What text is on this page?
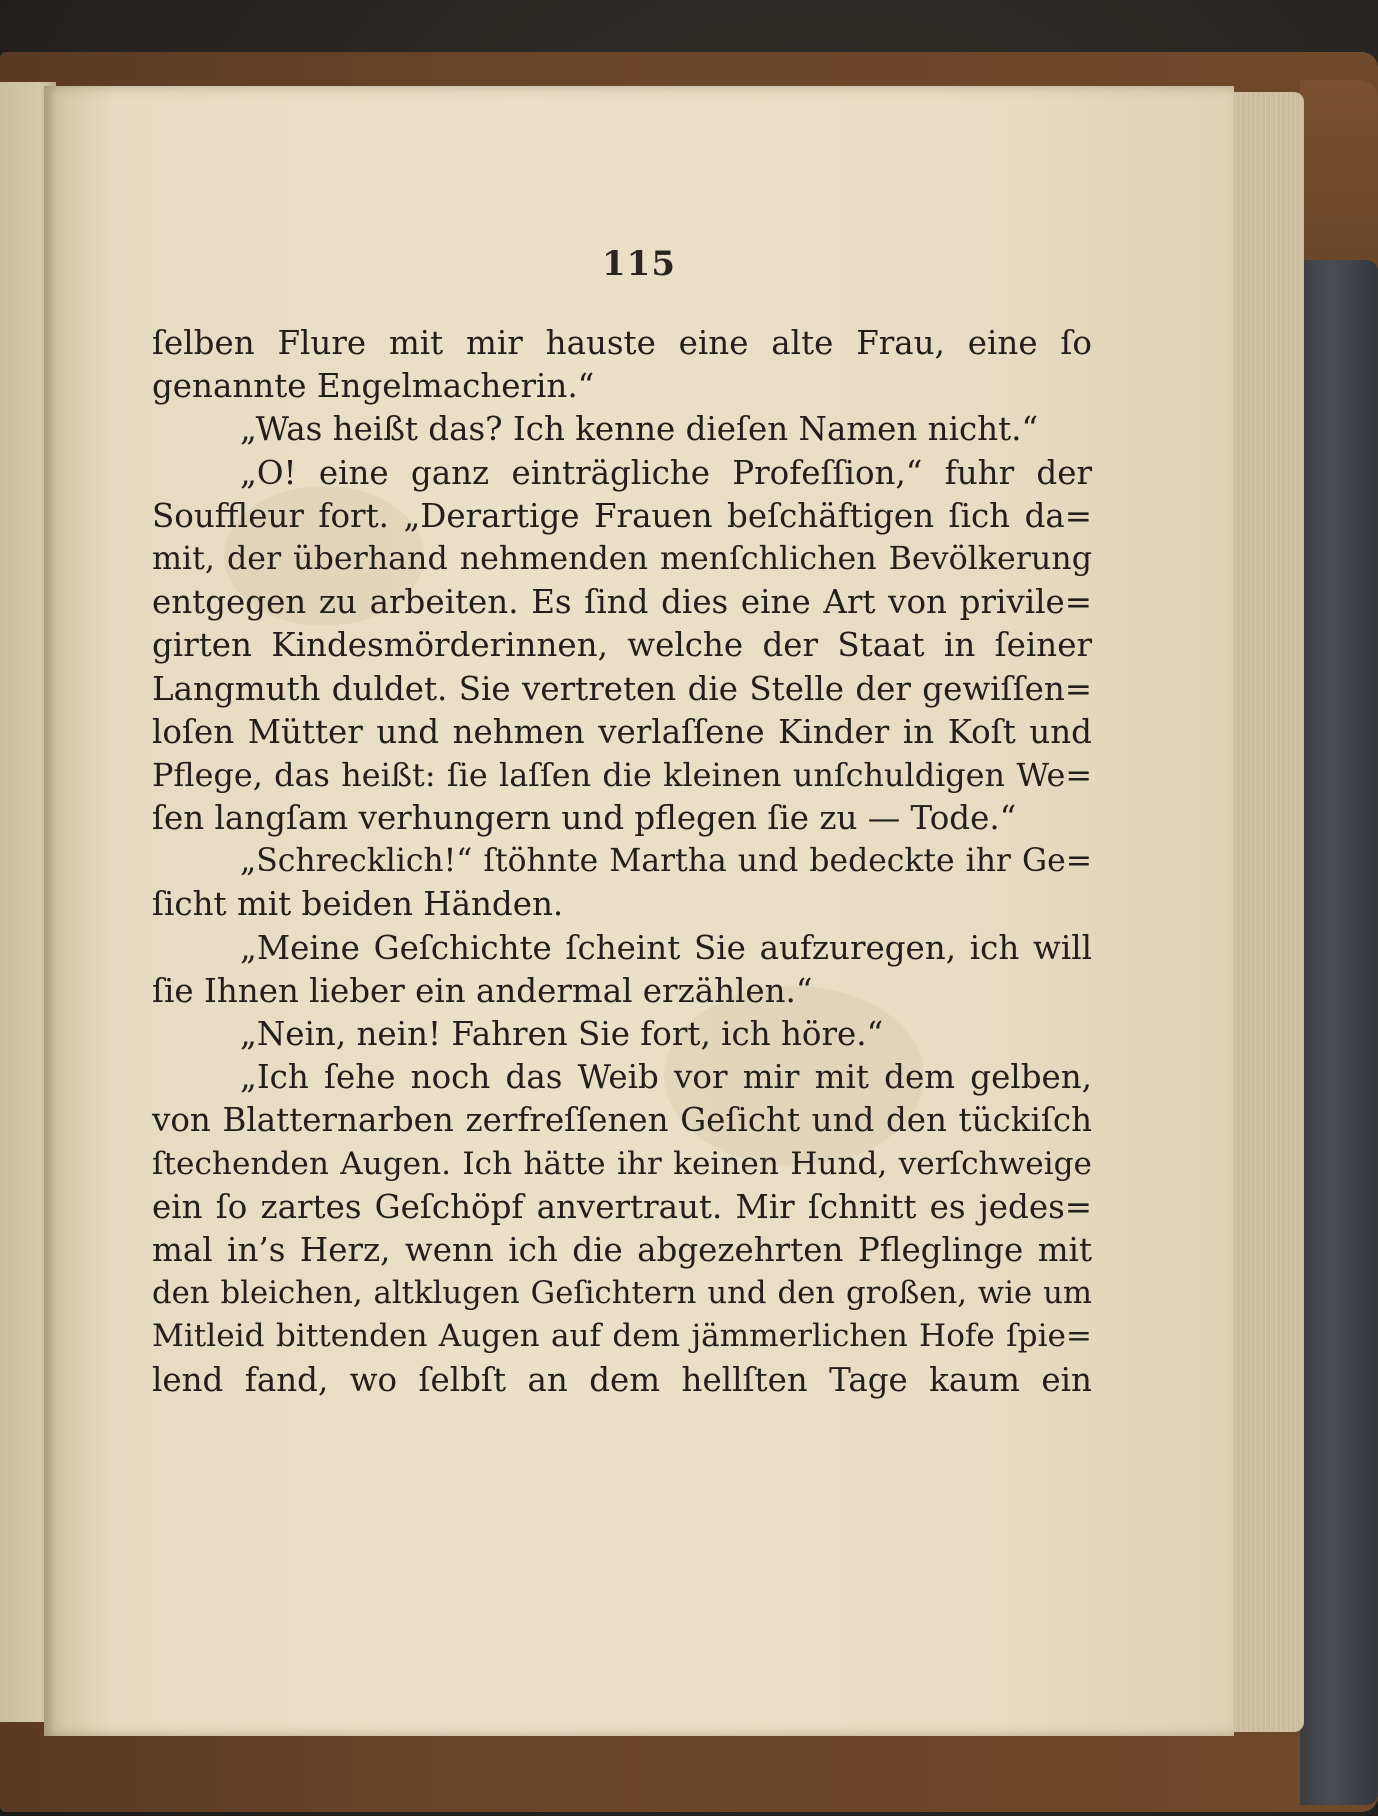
115
ſelben Flure mit mir hauste eine alte Frau, eine ſo
genannte Engelmacherin.“
„Was heißt das? Ich kenne dieſen Namen nicht.“
„O! eine ganz einträgliche Profeſſion,“ fuhr der
Souffleur fort. „Derartige Frauen beſchäftigen ſich da=
mit, der überhand nehmenden menſchlichen Bevölkerung
entgegen zu arbeiten. Es ſind dies eine Art von privile=
girten Kindesmörderinnen, welche der Staat in ſeiner
Langmuth duldet. Sie vertreten die Stelle der gewiſſen=
loſen Mütter und nehmen verlaſſene Kinder in Koſt und
Pflege, das heißt: ſie laſſen die kleinen unſchuldigen We=
ſen langſam verhungern und pflegen ſie zu — Tode.“
„Schrecklich!“ ſtöhnte Martha und bedeckte ihr Ge=
ſicht mit beiden Händen.
„Meine Geſchichte ſcheint Sie aufzuregen, ich will
ſie Ihnen lieber ein andermal erzählen.“
„Nein, nein! Fahren Sie fort, ich höre.“
„Ich ſehe noch das Weib vor mir mit dem gelben,
von Blatternarben zerfreſſenen Geſicht und den tückiſch
ſtechenden Augen. Ich hätte ihr keinen Hund, verſchweige
ein ſo zartes Geſchöpf anvertraut. Mir ſchnitt es jedes=
mal in’s Herz, wenn ich die abgezehrten Pfleglinge mit
den bleichen, altklugen Geſichtern und den großen, wie um
Mitleid bittenden Augen auf dem jämmerlichen Hofe ſpie=
lend fand, wo ſelbſt an dem hellſten Tage kaum ein
